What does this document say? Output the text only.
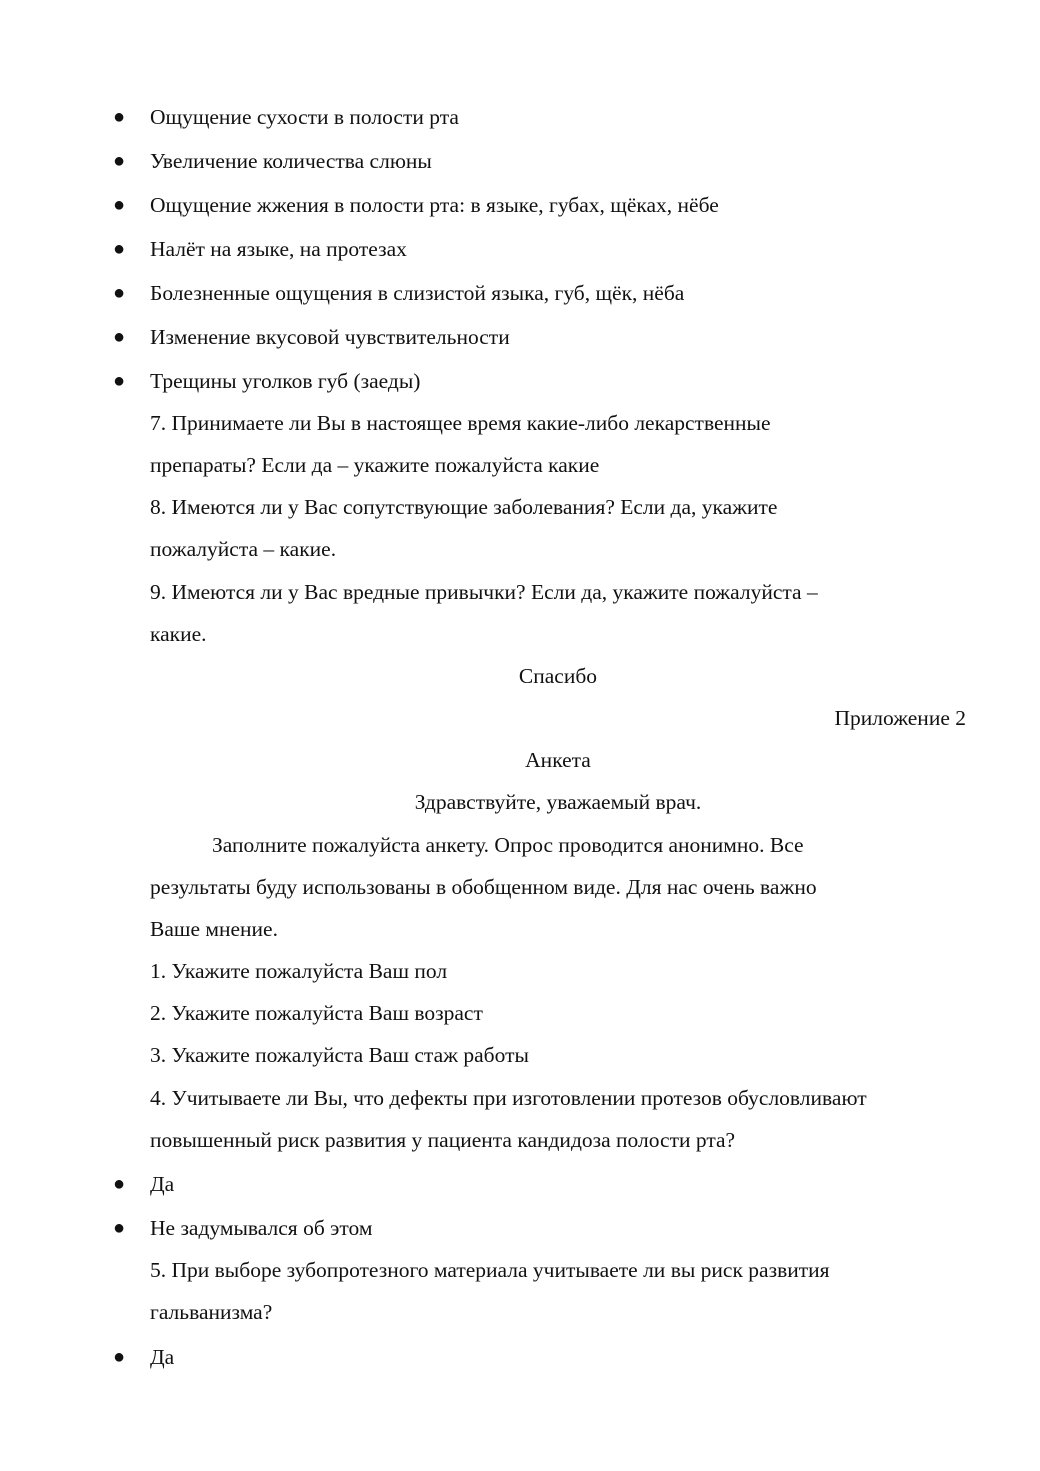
● Ощущение сухости в полости рта
● Увеличение количества слюны
● Ощущение жжения в полости рта: в языке, губах, щёках, нёбе
● Налёт на языке, на протезах
● Болезненные ощущения в слизистой языка, губ, щёк, нёба
● Изменение вкусовой чувствительности
● Трещины уголков губ (заеды)
7. Принимаете ли Вы в настоящее время какие-либо лекарственные
препараты? Если да – укажите пожалуйста какие
8. Имеются ли у Вас сопутствующие заболевания? Если да, укажите
пожалуйста – какие.
9. Имеются ли у Вас вредные привычки? Если да, укажите пожалуйста –
какие.
Спасибо
Приложение 2
Анкета
Здравствуйте, уважаемый врач.
Заполните пожалуйста анкету. Опрос проводится анонимно. Все
результаты буду использованы в обобщенном виде. Для нас очень важно
Ваше мнение.
1. Укажите пожалуйста Ваш пол
2. Укажите пожалуйста Ваш возраст
3. Укажите пожалуйста Ваш стаж работы
4. Учитываете ли Вы, что дефекты при изготовлении протезов обусловливают
повышенный риск развития у пациента кандидоза полости рта?
● Да
● Не задумывался об этом
5. При выборе зубопротезного материала учитываете ли вы риск развития
гальванизма?
● Да
